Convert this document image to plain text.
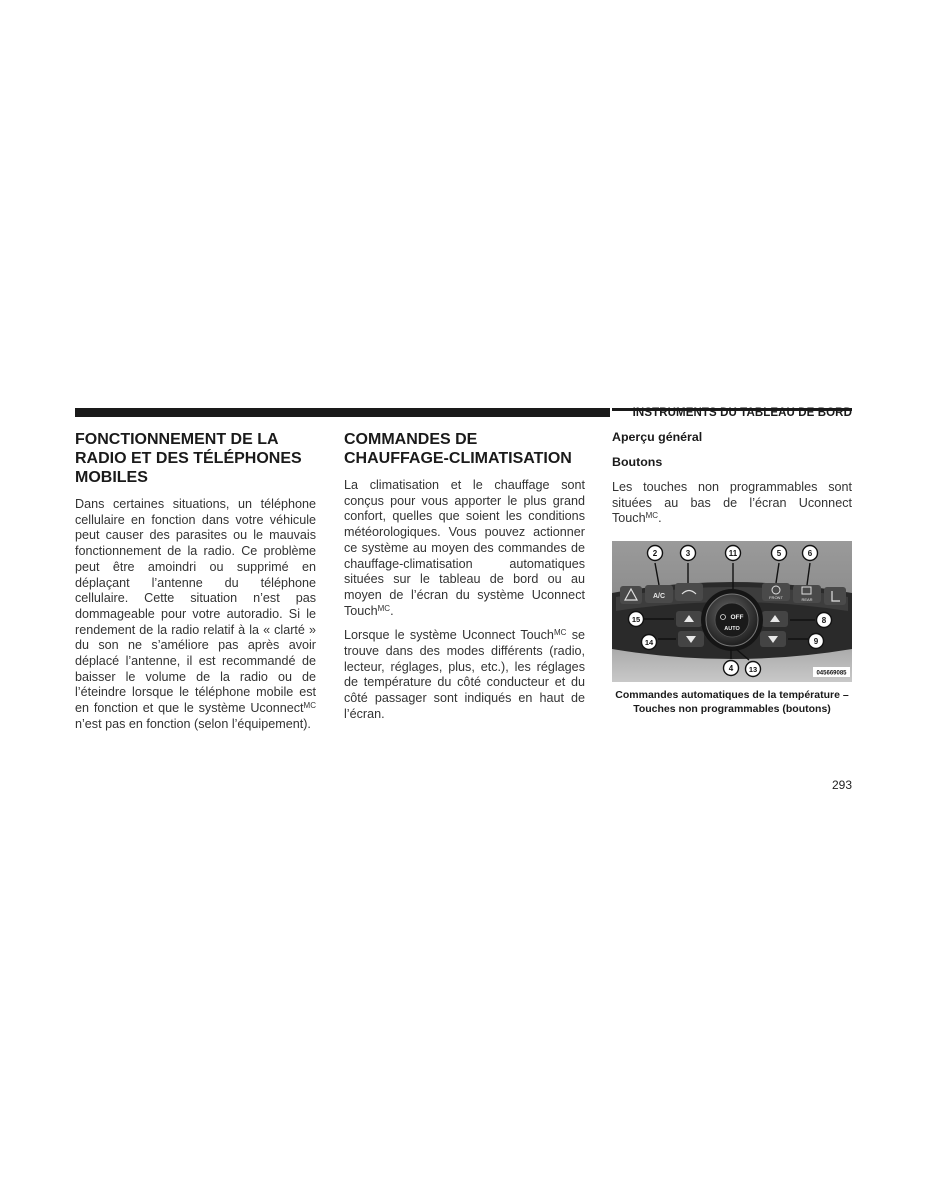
INSTRUMENTS DU TABLEAU DE BORD
FONCTIONNEMENT DE LA RADIO ET DES TÉLÉPHONES MOBILES

Dans certaines situations, un téléphone cellulaire en fonction dans votre véhicule peut causer des parasites ou le mauvais fonctionnement de la radio. Ce problème peut être amoindri ou supprimé en déplaçant l’antenne du téléphone cellulaire. Cette situation n’est pas dommageable pour votre autoradio. Si le rendement de la radio relatif à la « clarté » du son ne s’améliore pas après avoir déplacé l’antenne, il est recommandé de baisser le volume de la radio ou de l’éteindre lorsque le téléphone mobile est en fonction et que le système Uconnect$^{MC}$ n’est pas en fonction (selon l’équipement).

COMMANDES DE CHAUFFAGE-CLIMATISATION

La climatisation et le chauffage sont conçus pour vous apporter le plus grand confort, quelles que soient les conditions météorologiques. Vous pouvez actionner ce système au moyen des commandes de chauffage-climatisation automatiques situées sur le tableau de bord ou au moyen de l’écran du système Uconnect Touch$^{MC}$.

Lorsque le système Uconnect Touch$^{MC}$ se trouve dans des modes différents (radio, lecteur, réglages, plus, etc.), les réglages de température du côté conducteur et du côté passager sont indiqués en haut de l’écran.

Aperçu général
Boutons

Les touches non programmables sont situées au bas de l’écran Uconnect Touch$^{MC}$.

A/C	FRONT	REAR
OFF
AUTO
2	3	11	5	6
15	8
14	9
4 13	045669085
Commandes automatiques de la température –
Touches non programmables (boutons)
293
